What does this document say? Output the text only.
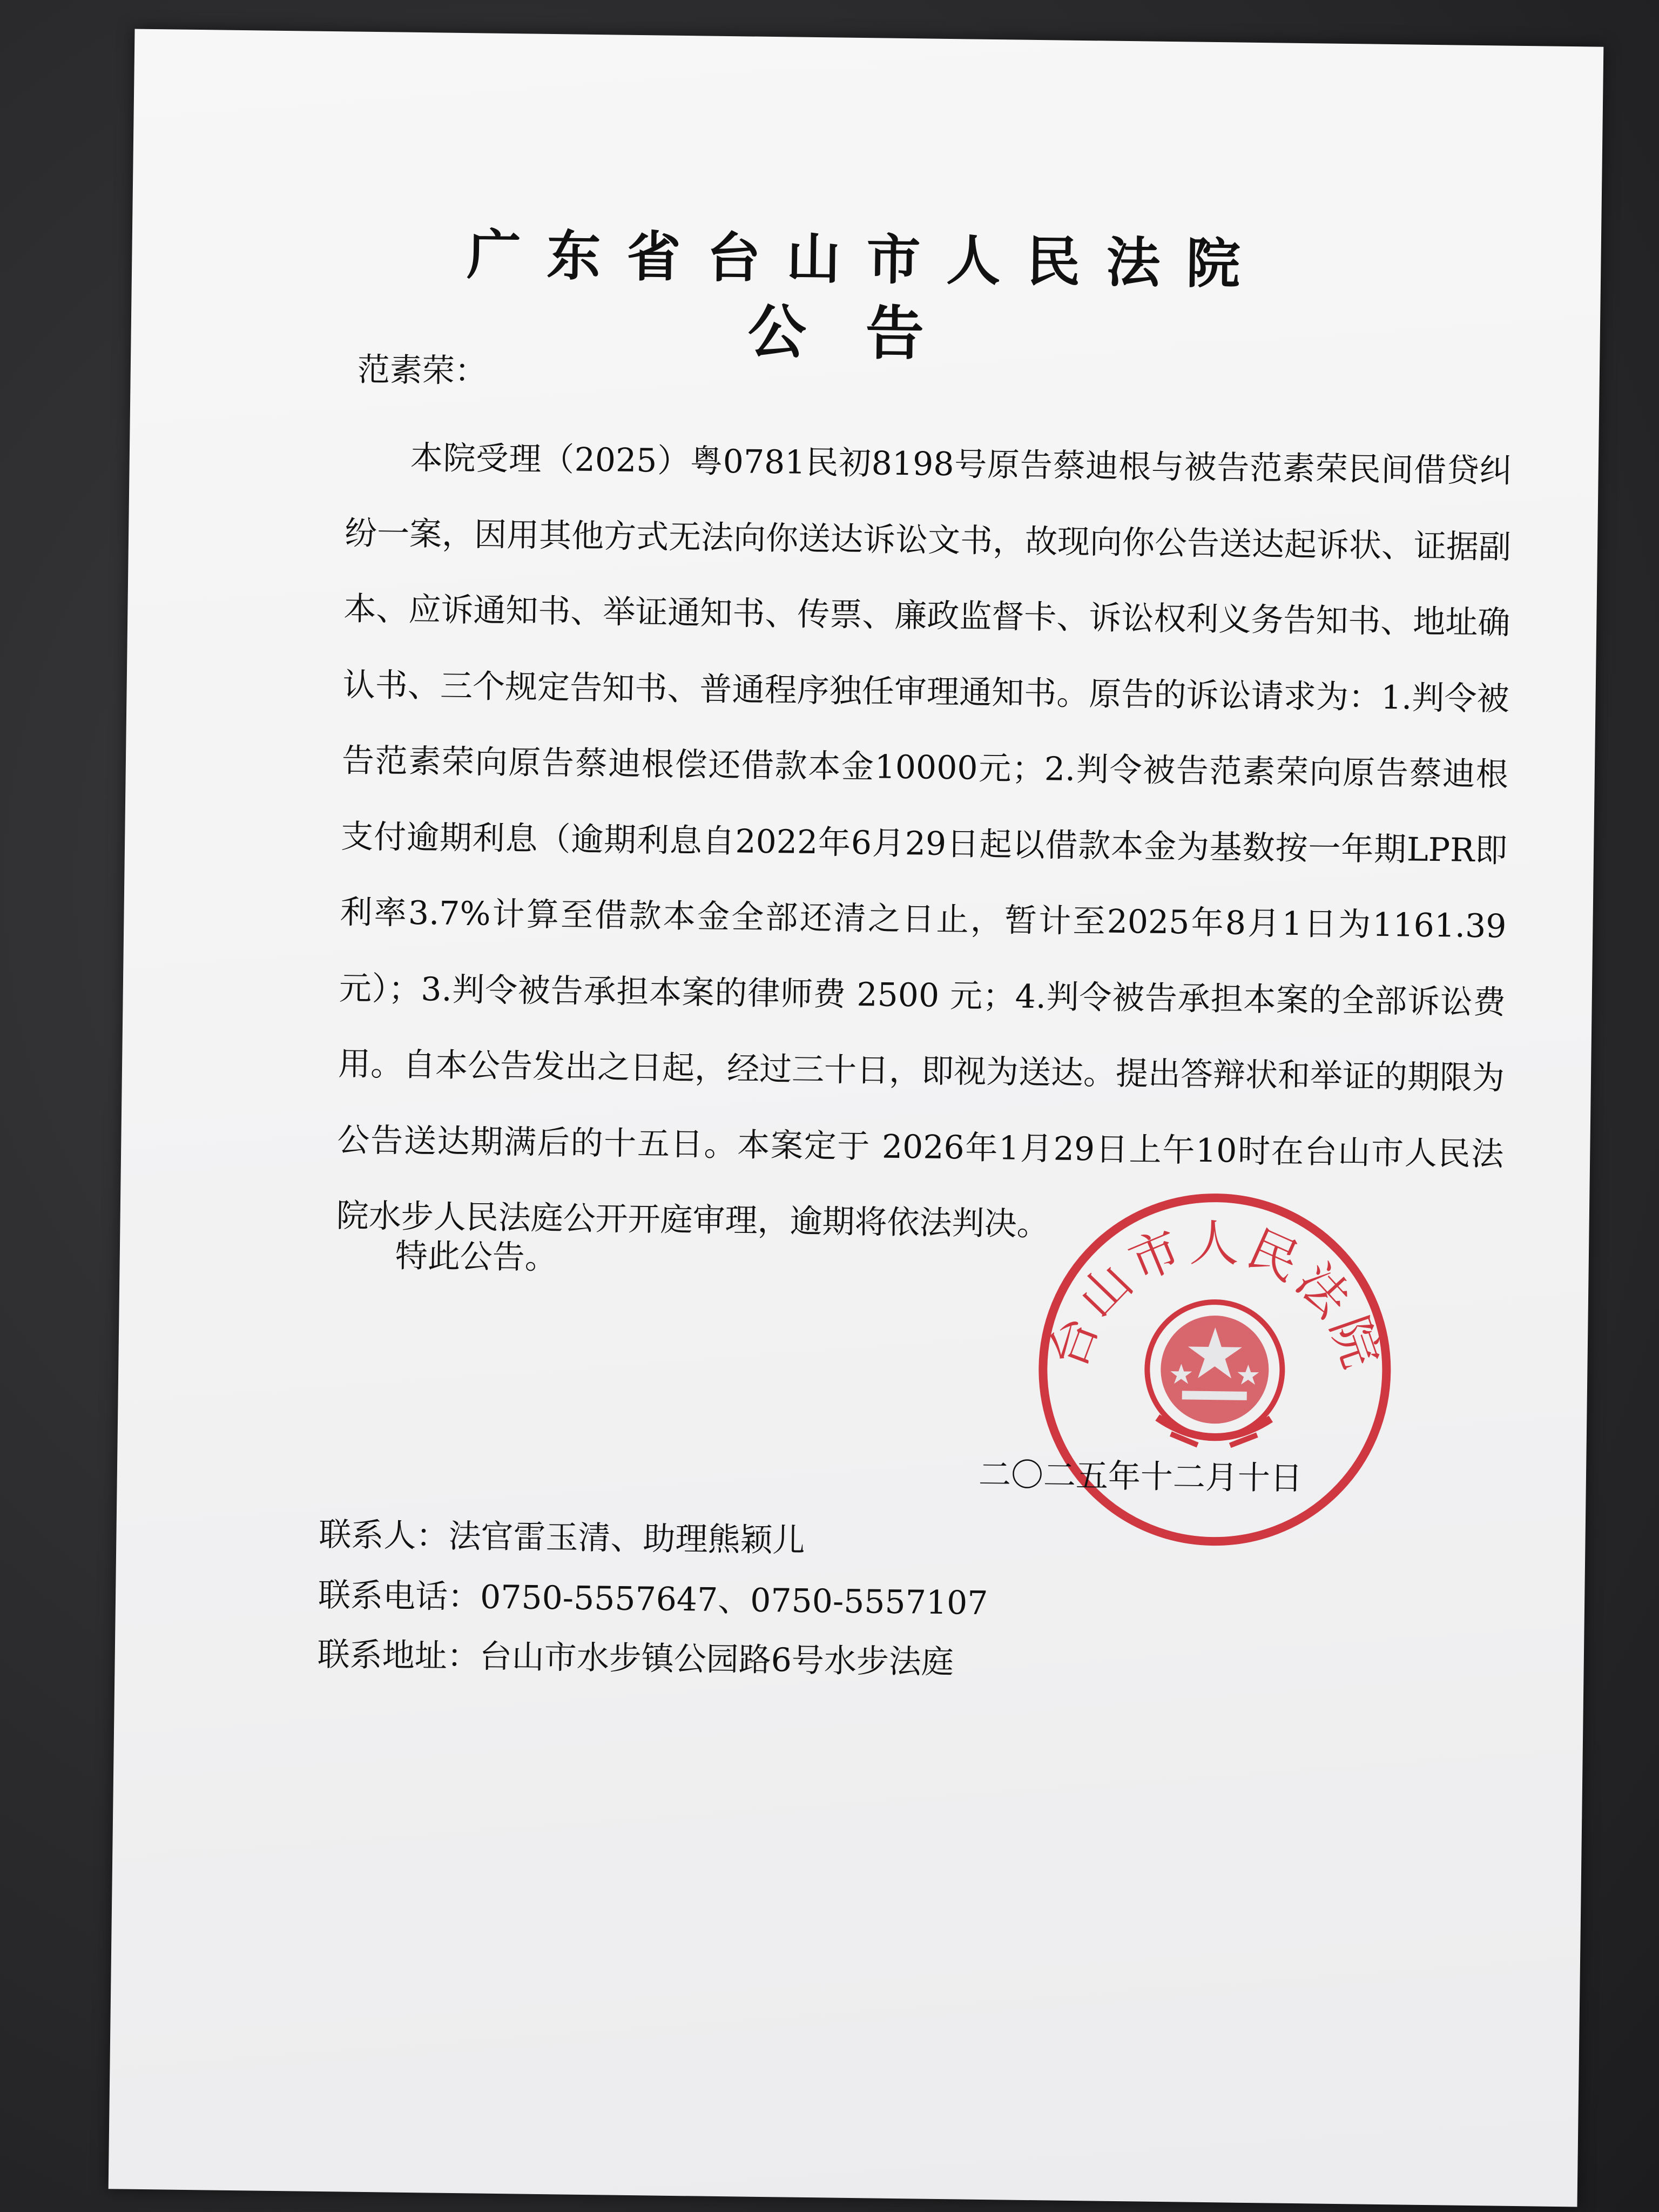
广东省台山市人民法院
公告

范素荣：

本院受理（2025）粤0781民初8198号原告蔡迪根与被告范素荣民间借贷纠纷一案，因用其他方式无法向你送达诉讼文书，故现向你公告送达起诉状、证据副本、应诉通知书、举证通知书、传票、廉政监督卡、诉讼权利义务告知书、地址确认书、三个规定告知书、普通程序独任审理通知书。原告的诉讼请求为：1.判令被告范素荣向原告蔡迪根偿还借款本金10000元；2.判令被告范素荣向原告蔡迪根支付逾期利息（逾期利息自2022年6月29日起以借款本金为基数按一年期LPR即利率3.7%计算至借款本金全部还清之日止，暂计至2025年8月1日为1161.39元）；3.判令被告承担本案的律师费 2500 元；4.判令被告承担本案的全部诉讼费用。自本公告发出之日起，经过三十日，即视为送达。提出答辩状和举证的期限为公告送达期满后的十五日。本案定于 2026年1月29日上午10时在台山市人民法院水步人民法庭公开开庭审理，逾期将依法判决。

特此公告。

台山市人民法院

二〇二五年十二月十日

联系人：法官雷玉清、助理熊颖儿

联系电话：0750-5557647、0750-5557107

联系地址：台山市水步镇公园路6号水步法庭
